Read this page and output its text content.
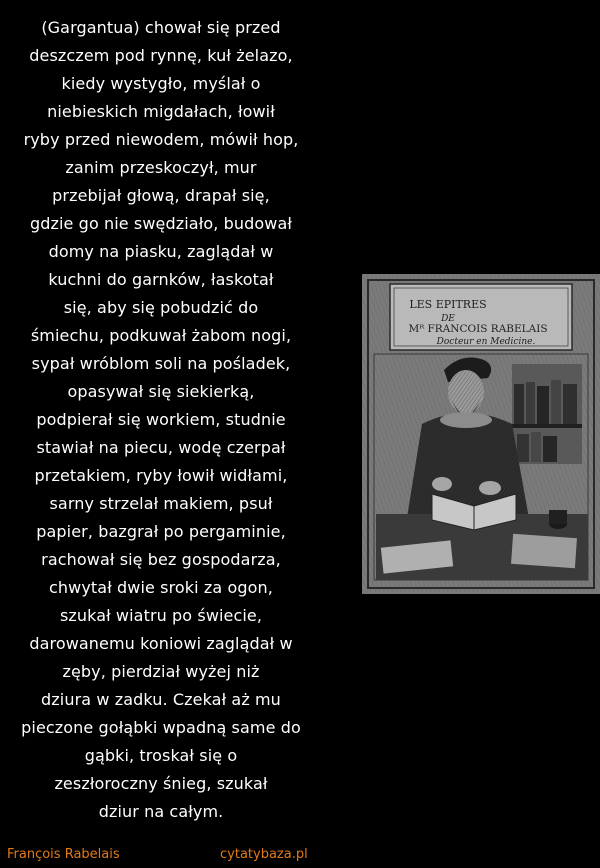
(Gargantua) chował się przed
deszczem pod rynnę, kuł żelazo,
kiedy wystygło, myślał o
niebieskich migdałach, łowił
ryby przed niewodem, mówił hop,
zanim przeskoczył, mur
przebijał głową, drapał się,
gdzie go nie swędziało, budował
domy na piasku, zaglądał w
kuchni do garnków, łaskotał
się, aby się pobudzić do
śmiechu, podkuwał żabom nogi,
sypał wróblom soli na pośladek,
opasywał się siekierką,
podpierał się workiem, studnie
stawiał na piecu, wodę czerpał
przetakiem, ryby łowił widłami,
sarny strzelał makiem, psuł
papier, bazgrał po pergaminie,
rachował się bez gospodarza,
chwytał dwie sroki za ogon,
szukał wiatru po świecie,
darowanemu koniowi zaglądał w
zęby, pierdział wyżej niż
dziura w zadku. Czekał aż mu
pieczone gołąbki wpadną same do
gąbki, troskał się o
zeszłoroczny śnieg, szukał
dziur na całym.
LES EPITRES
DE
Mᴿ FRANCOIS RABELAIS
Docteur en Medicine.
François Rabelais	cytatybaza.pl
